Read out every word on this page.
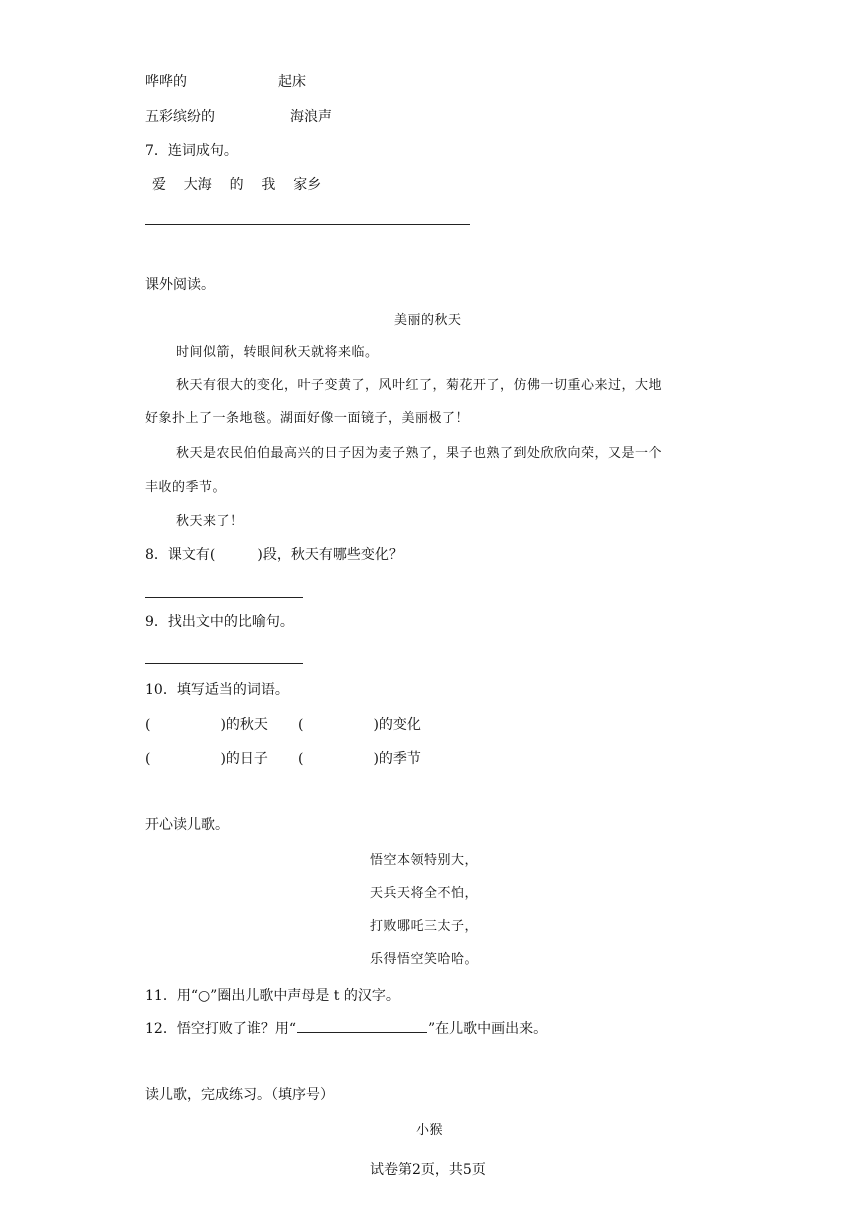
哗哗的	起床
五彩缤纷的	海浪声
7．连词成句。
爱    大海    的    我    家乡
课外阅读。
美丽的秋天
时间似箭，转眼间秋天就将来临。
秋天有很大的变化，叶子变黄了，风叶红了，菊花开了，仿佛一切重心来过，大地
好象扑上了一条地毯。湖面好像一面镜子，美丽极了！
秋天是农民伯伯最高兴的日子因为麦子熟了，果子也熟了到处欣欣向荣，又是一个
丰收的季节。
秋天来了！
8．课文有(　　　)段，秋天有哪些变化？
9．找出文中的比喻句。
10．填写适当的词语。
(　　　　　)的秋天 (　　　　　)的变化
(　　　　　)的日子 (　　　　　)的季节
开心读儿歌。
悟空本领特别大，
天兵天将全不怕，
打败哪吒三太子，
乐得悟空笑哈哈。
11．用“○”圈出儿歌中声母是 t 的汉字。
12．悟空打败了谁？用“	”在儿歌中画出来。
读儿歌，完成练习。（填序号）
小猴
试卷第2页，共5页
